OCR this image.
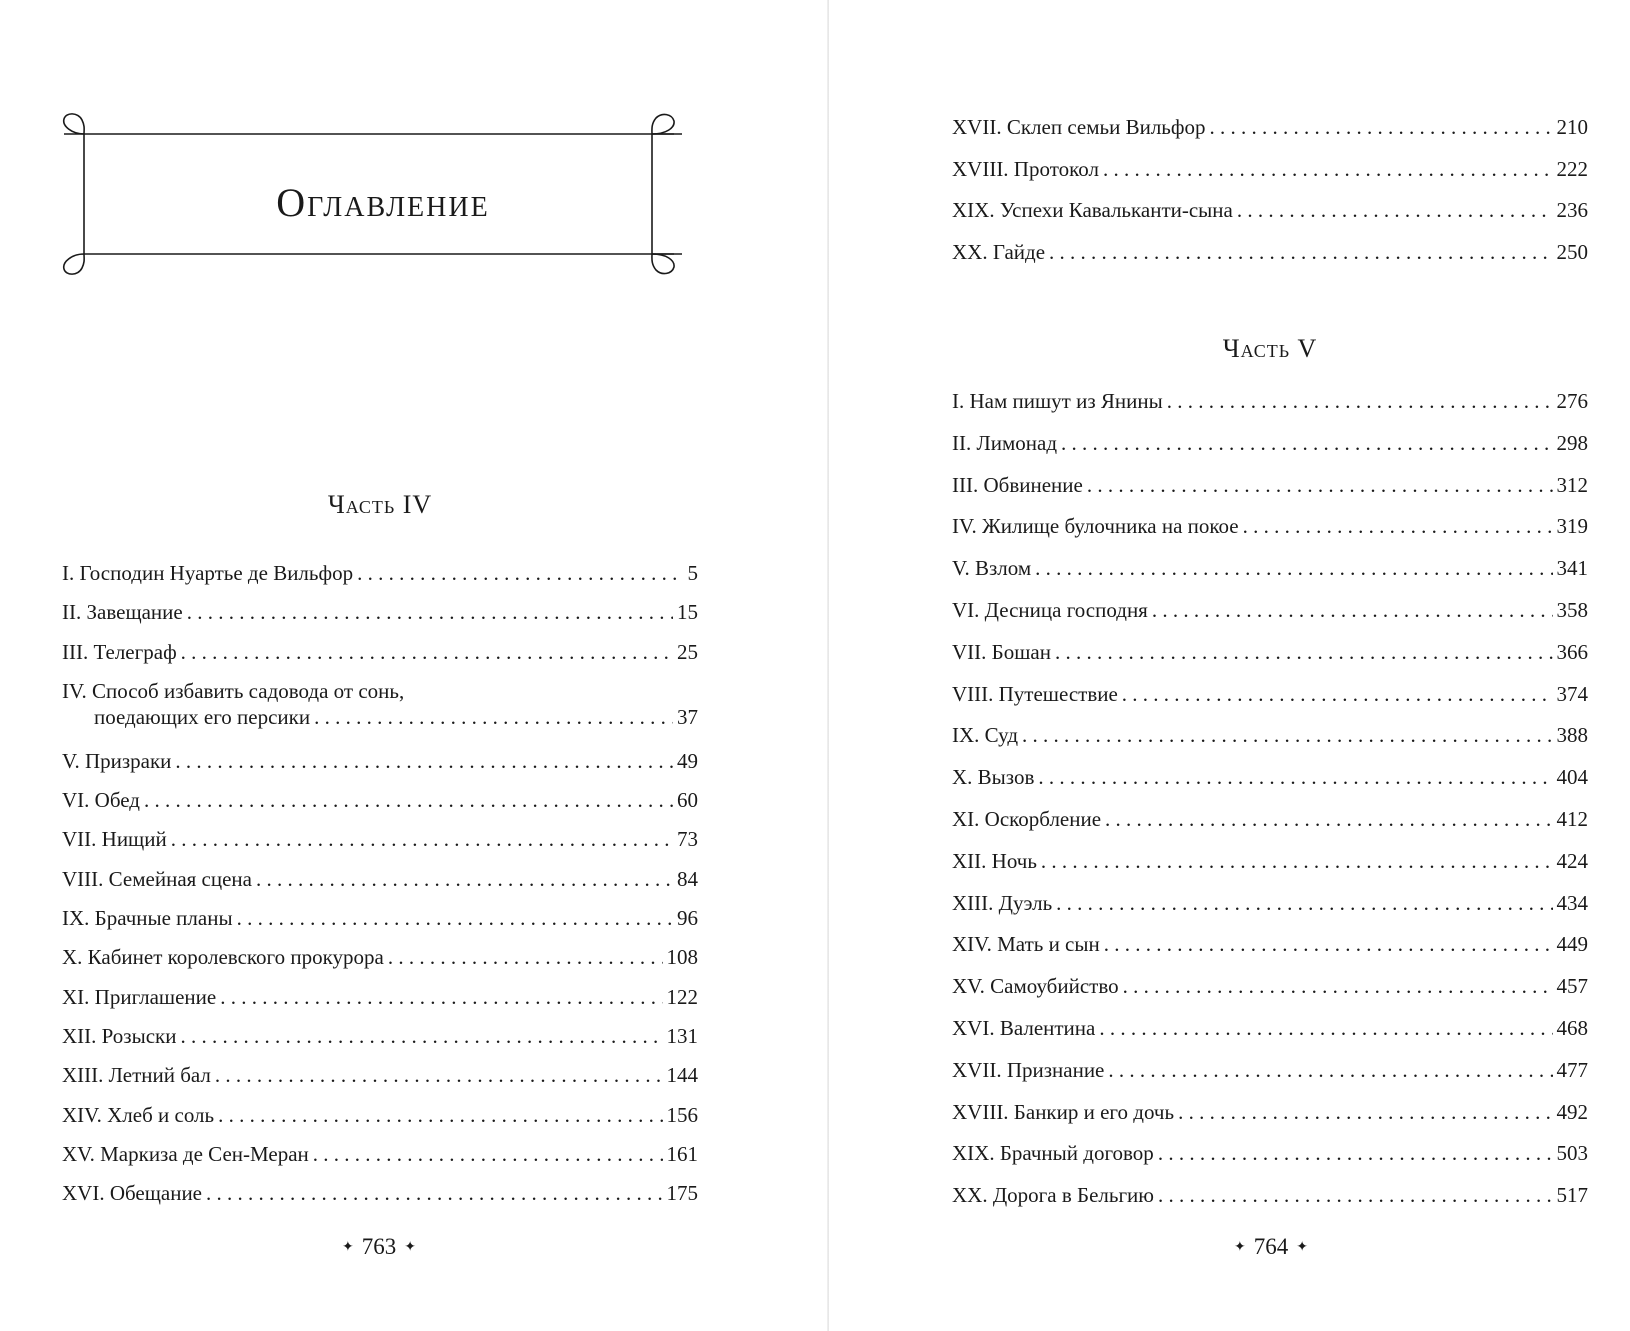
Оглавление
Часть IV
I. Господин Нуартье де Вильфор . . .	5
II. Завещание . . .	15
III. Телеграф . . .	25
IV. Способ избавить садовода от сонь,
поедающих его персики . . .	37
V. Призраки . . .	49
VI. Обед . . .	60
VII. Нищий . . .	73
VIII. Семейная сцена . . .	84
IX. Брачные планы . . .	96
X. Кабинет королевского прокурора . . .	108
XI. Приглашение . . .	122
XII. Розыски . . .	131
XIII. Летний бал . . .	144
XIV. Хлеб и соль . . .	156
XV. Маркиза де Сен-Меран . . .	161
XVI. Обещание . . .	175
✦ 763 ✦
XVII. Склеп семьи Вильфор . . .	210
XVIII. Протокол . . .	222
XIX. Успехи Кавальканти-сына . . .	236
XX. Гайде . . .	250
Часть V
I. Нам пишут из Янины . . .	276
II. Лимонад . . .	298
III. Обвинение . . .	312
IV. Жилище булочника на покое . . .	319
V. Взлом . . .	341
VI. Десница господня . . .	358
VII. Бошан . . .	366
VIII. Путешествие . . .	374
IX. Суд . . .	388
X. Вызов . . .	404
XI. Оскорбление . . .	412
XII. Ночь . . .	424
XIII. Дуэль . . .	434
XIV. Мать и сын . . .	449
XV. Самоубийство . . .	457
XVI. Валентина . . .	468
XVII. Признание . . .	477
XVIII. Банкир и его дочь . . .	492
XIX. Брачный договор . . .	503
XX. Дорога в Бельгию . . .	517
✦ 764 ✦
